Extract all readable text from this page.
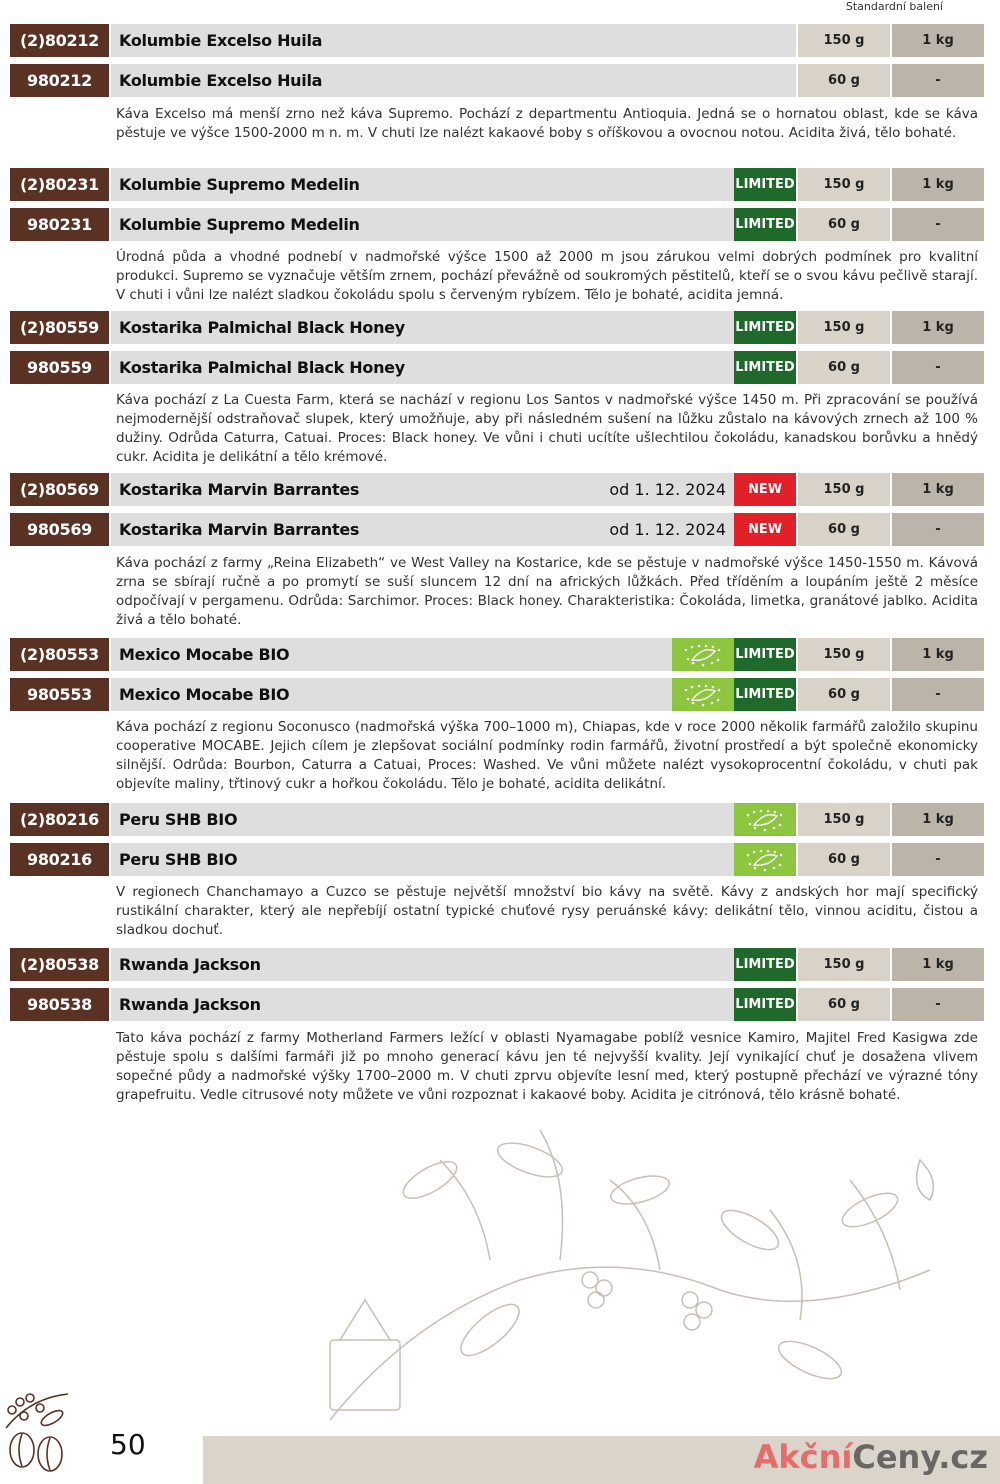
Standardní balení
(2)80212	Kolumbie Excelso Huila	150 g	1 kg
980212	Kolumbie Excelso Huila	60 g	-
Káva Excelso má menší zrno než káva Supremo. Pochází z departmentu Antioquia. Jedná se o hornatou oblast, kde se káva pěstuje ve výšce 1500-2000 m n. m. V chuti lze nalézt kakaové boby s oříškovou a ovocnou notou. Acidita živá, tělo bohaté.
(2)80231	Kolumbie Supremo Medelin	LIMITED	150 g	1 kg
980231	Kolumbie Supremo Medelin	LIMITED	60 g	-
Úrodná půda a vhodné podnebí v nadmořské výšce 1500 až 2000 m jsou zárukou velmi dobrých podmínek pro kvalitní produkci. Supremo se vyznačuje větším zrnem, pochází převážně od soukromých pěstitelů, kteří se o svou kávu pečlivě starají. V chuti i vůni lze nalézt sladkou čokoládu spolu s červeným rybízem. Tělo je bohaté, acidita jemná.
(2)80559	Kostarika Palmichal Black Honey	LIMITED	150 g	1 kg
980559	Kostarika Palmichal Black Honey	LIMITED	60 g	-
Káva pochází z La Cuesta Farm, která se nachází v regionu Los Santos v nadmořské výšce 1450 m. Při zpracování se používá nejmodernější odstraňovač slupek, který umožňuje, aby při následném sušení na lůžku zůstalo na kávových zrnech až 100 % dužiny. Odrůda Caturra, Catuai. Proces: Black honey. Ve vůni i chuti ucítíte ušlechtilou čokoládu, kanadskou borůvku a hnědý cukr. Acidita je delikátní a tělo krémové.
(2)80569	Kostarika Marvin Barrantes	od 1. 12. 2024	NEW	150 g	1 kg
980569	Kostarika Marvin Barrantes	od 1. 12. 2024	NEW	60 g	-
Káva pochází z farmy „Reina Elizabeth“ ve West Valley na Kostarice, kde se pěstuje v nadmořské výšce 1450-1550 m. Kávová zrna se sbírají ručně a po promytí se suší sluncem 12 dní na afrických lůžkách. Před tříděním a loupáním ještě 2 měsíce odpočívají v pergamenu. Odrůda: Sarchimor. Proces: Black honey. Charakteristika: Čokoláda, limetka, granátové jablko. Acidita živá a tělo bohaté.
(2)80553	Mexico Mocabe BIO	LIMITED	150 g	1 kg
980553	Mexico Mocabe BIO	LIMITED	60 g	-
Káva pochází z regionu Soconusco (nadmořská výška 700–1000 m), Chiapas, kde v roce 2000 několik farmářů založilo skupinu cooperative MOCABE. Jejich cílem je zlepšovat sociální podmínky rodin farmářů, životní prostředí a být společně ekonomicky silnější. Odrůda: Bourbon, Caturra a Catuai, Proces: Washed. Ve vůni můžete nalézt vysokoprocentní čokoládu, v chuti pak objevíte maliny, třtinový cukr a hořkou čokoládu. Tělo je bohaté, acidita delikátní.
(2)80216	Peru SHB BIO	150 g	1 kg
980216	Peru SHB BIO	60 g	-
V regionech Chanchamayo a Cuzco se pěstuje největší množství bio kávy na světě. Kávy z andských hor mají specifický rustikální charakter, který ale nepřebíjí ostatní typické chuťové rysy peruánské kávy: delikátní tělo, vinnou aciditu, čistou a sladkou dochuť.
(2)80538	Rwanda Jackson	LIMITED	150 g	1 kg
980538	Rwanda Jackson	LIMITED	60 g	-
Tato káva pochází z farmy Motherland Farmers ležící v oblasti Nyamagabe poblíž vesnice Kamiro, Majitel Fred Kasigwa zde pěstuje spolu s dalšími farmáři již po mnoho generací kávu jen té nejvyšší kvality. Její vynikající chuť je dosažena vlivem sopečné půdy a nadmořské výšky 1700–2000 m. V chuti zprvu objevíte lesní med, který postupně přechází ve výrazné tóny grapefruitu. Vedle citrusové noty můžete ve vůni rozpoznat i kakaové boby. Acidita je citrónová, tělo krásně bohaté.
50	AkčníCeny.cz
